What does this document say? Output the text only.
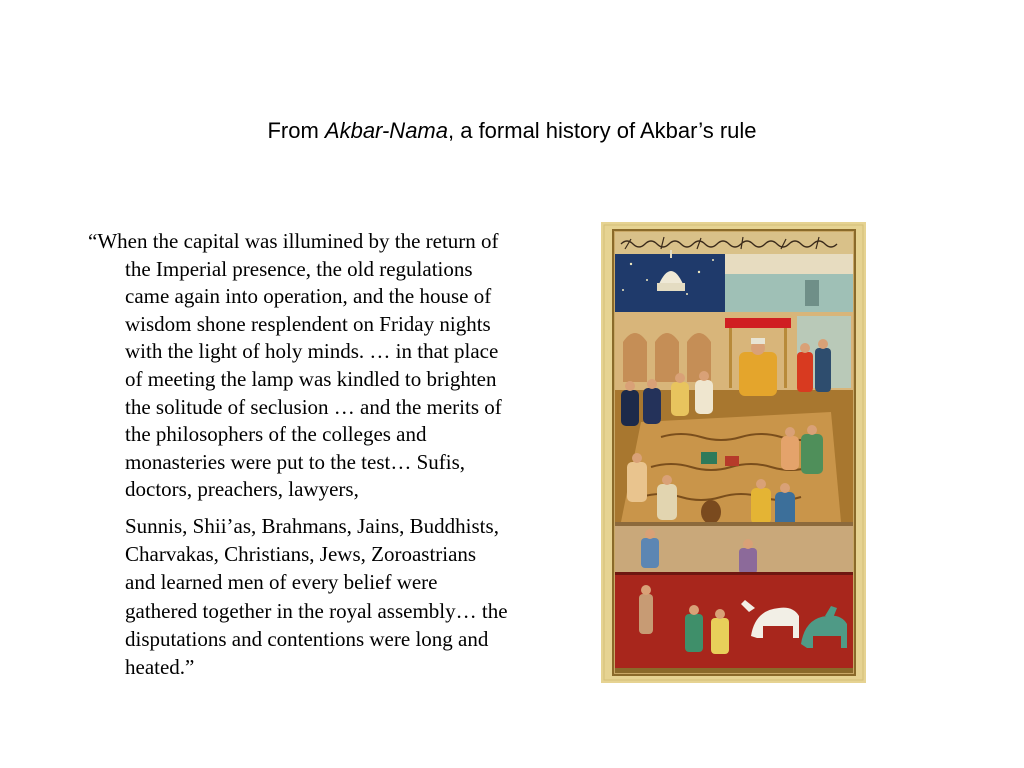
From Akbar-Nama, a formal history of Akbar’s rule

“When the capital was illumined by the return of the Imperial presence, the old regulations came again into operation, and the house of wisdom shone resplendent on Friday nights with the light of holy minds. … in that place of meeting the lamp was kindled to brighten the solitude of seclusion … and the merits of the philosophers of the colleges and monasteries were put to the test… Sufis, doctors, preachers, lawyers,

Sunnis, Shii’as, Brahmans, Jains, Buddhists, Charvakas, Christians, Jews, Zoroastrians and learned men of every belief were gathered together in the royal assembly… the disputations and contentions were long and heated.”
